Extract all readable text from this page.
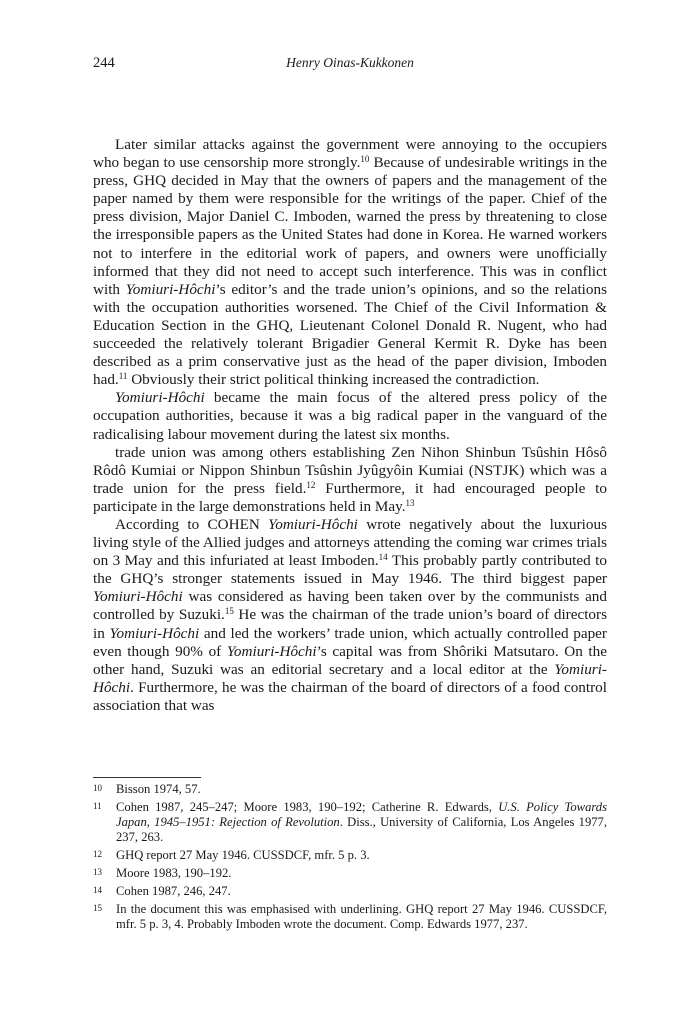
244	Henry Oinas-Kukkonen

Later similar attacks against the government were annoying to the occupiers who began to use censorship more strongly.$^{10}$ Because of undesirable writings in the press, GHQ decided in May that the owners of papers and the management of the paper named by them were responsible for the writings of the paper. Chief of the press division, Major Daniel C. Imboden, warned the press by threatening to close the irresponsible papers as the United States had done in Korea. He warned workers not to interfere in the editorial work of papers, and owners were unofficially informed that they did not need to accept such interference. This was in conflict with Yomiuri-Hôchi’s editor’s and the trade union’s opinions, and so the relations with the occupation authorities worsened. The Chief of the Civil Information & Education Section in the GHQ, Lieutenant Colonel Donald R. Nugent, who had succeeded the relatively tolerant Brigadier General Kermit R. Dyke has been described as a prim conservative just as the head of the paper division, Imboden had.$^{11}$ Obviously their strict political thinking increased the contradiction.

Yomiuri-Hôchi became the main focus of the altered press policy of the occupation authorities, because it was a big radical paper in the vanguard of the radicalising labour movement during the latest six months.

trade union was among others establishing Zen Nihon Shinbun Tsûshin Hôsô Rôdô Kumiai or Nippon Shinbun Tsûshin Jyûgyôin Kumiai (NSTJK) which was a trade union for the press field.$^{12}$ Furthermore, it had encouraged people to participate in the large demonstrations held in May.$^{13}$

According to COHEN Yomiuri-Hôchi wrote negatively about the luxurious living style of the Allied judges and attorneys attending the coming war crimes trials on 3 May and this infuriated at least Imboden.$^{14}$ This probably partly contributed to the GHQ’s stronger statements issued in May 1946. The third biggest paper Yomiuri-Hôchi was considered as having been taken over by the communists and controlled by Suzuki.$^{15}$ He was the chairman of the trade union’s board of directors in Yomiuri-Hôchi and led the workers’ trade union, which actually controlled paper even though 90% of Yomiuri-Hôchi’s capital was from Shôriki Matsutaro. On the other hand, Suzuki was an editorial secretary and a local editor at the Yomiuri-Hôchi. Furthermore, he was the chairman of the board of directors of a food control association that was

10	Bisson 1974, 57.
11	Cohen 1987, 245–247; Moore 1983, 190–192; Catherine R. Edwards, U.S. Policy Towards Japan, 1945–1951: Rejection of Revolution. Diss., University of California, Los Angeles 1977, 237, 263.
12	GHQ report 27 May 1946. CUSSDCF, mfr. 5 p. 3.
13	Moore 1983, 190–192.
14	Cohen 1987, 246, 247.
15	In the document this was emphasised with underlining. GHQ report 27 May 1946. CUSSDCF, mfr. 5 p. 3, 4. Probably Imboden wrote the document. Comp. Edwards 1977, 237.
